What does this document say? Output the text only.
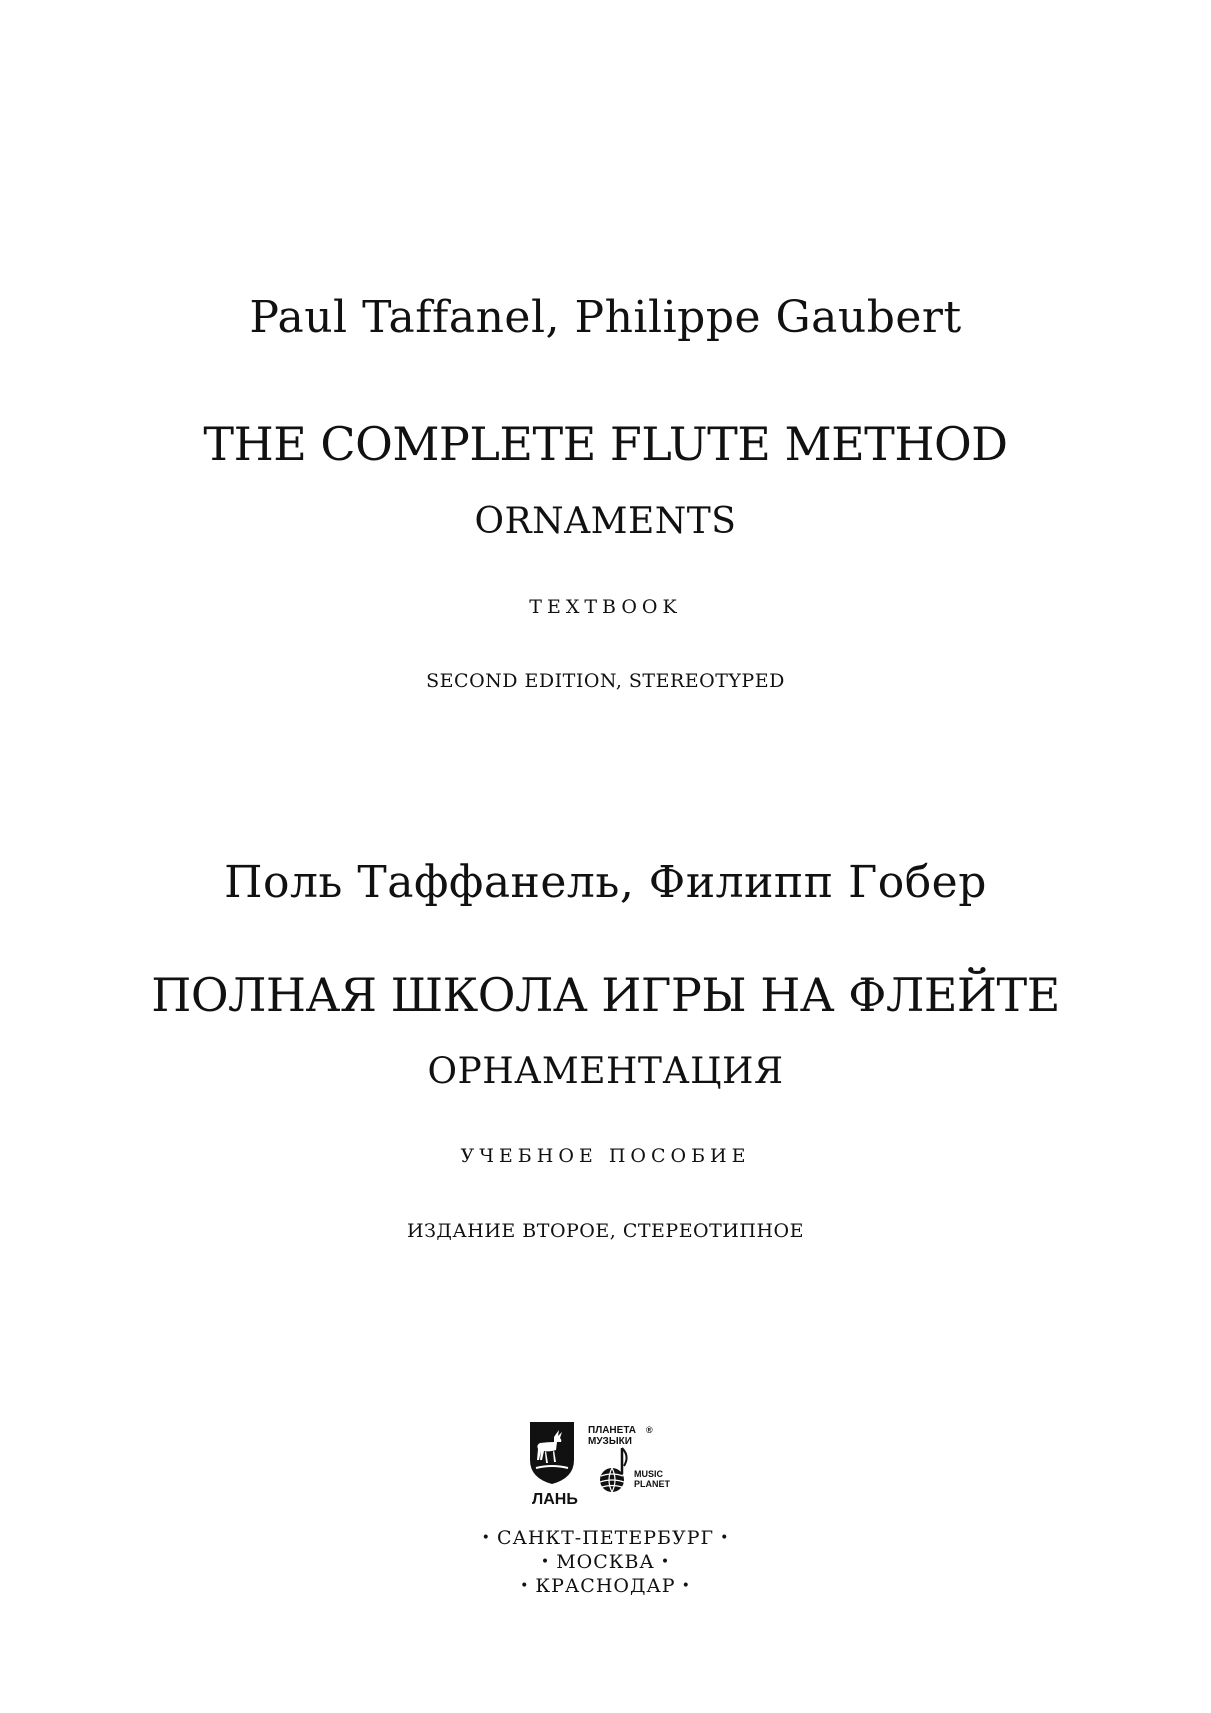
Paul Taffanel, Philippe Gaubert
THE COMPLETE FLUTE METHOD
ORNAMENTS
TEXTBOOK
SECOND EDITION, STEREOTYPED
Поль Таффанель, Филипп Гобер
ПОЛНАЯ ШКОЛА ИГРЫ НА ФЛЕЙТЕ
ОРНАМЕНТАЦИЯ
УЧЕБНОЕ ПОСОБИЕ
ИЗДАНИЕ ВТОРОЕ, СТЕРЕОТИПНОЕ
ЛАНЬ
ПЛАНЕТА
МУЗЫКИ
®
MUSIC
PLANET
• САНКТ-ПЕТЕРБУРГ •
• МОСКВА •
• КРАСНОДАР •
